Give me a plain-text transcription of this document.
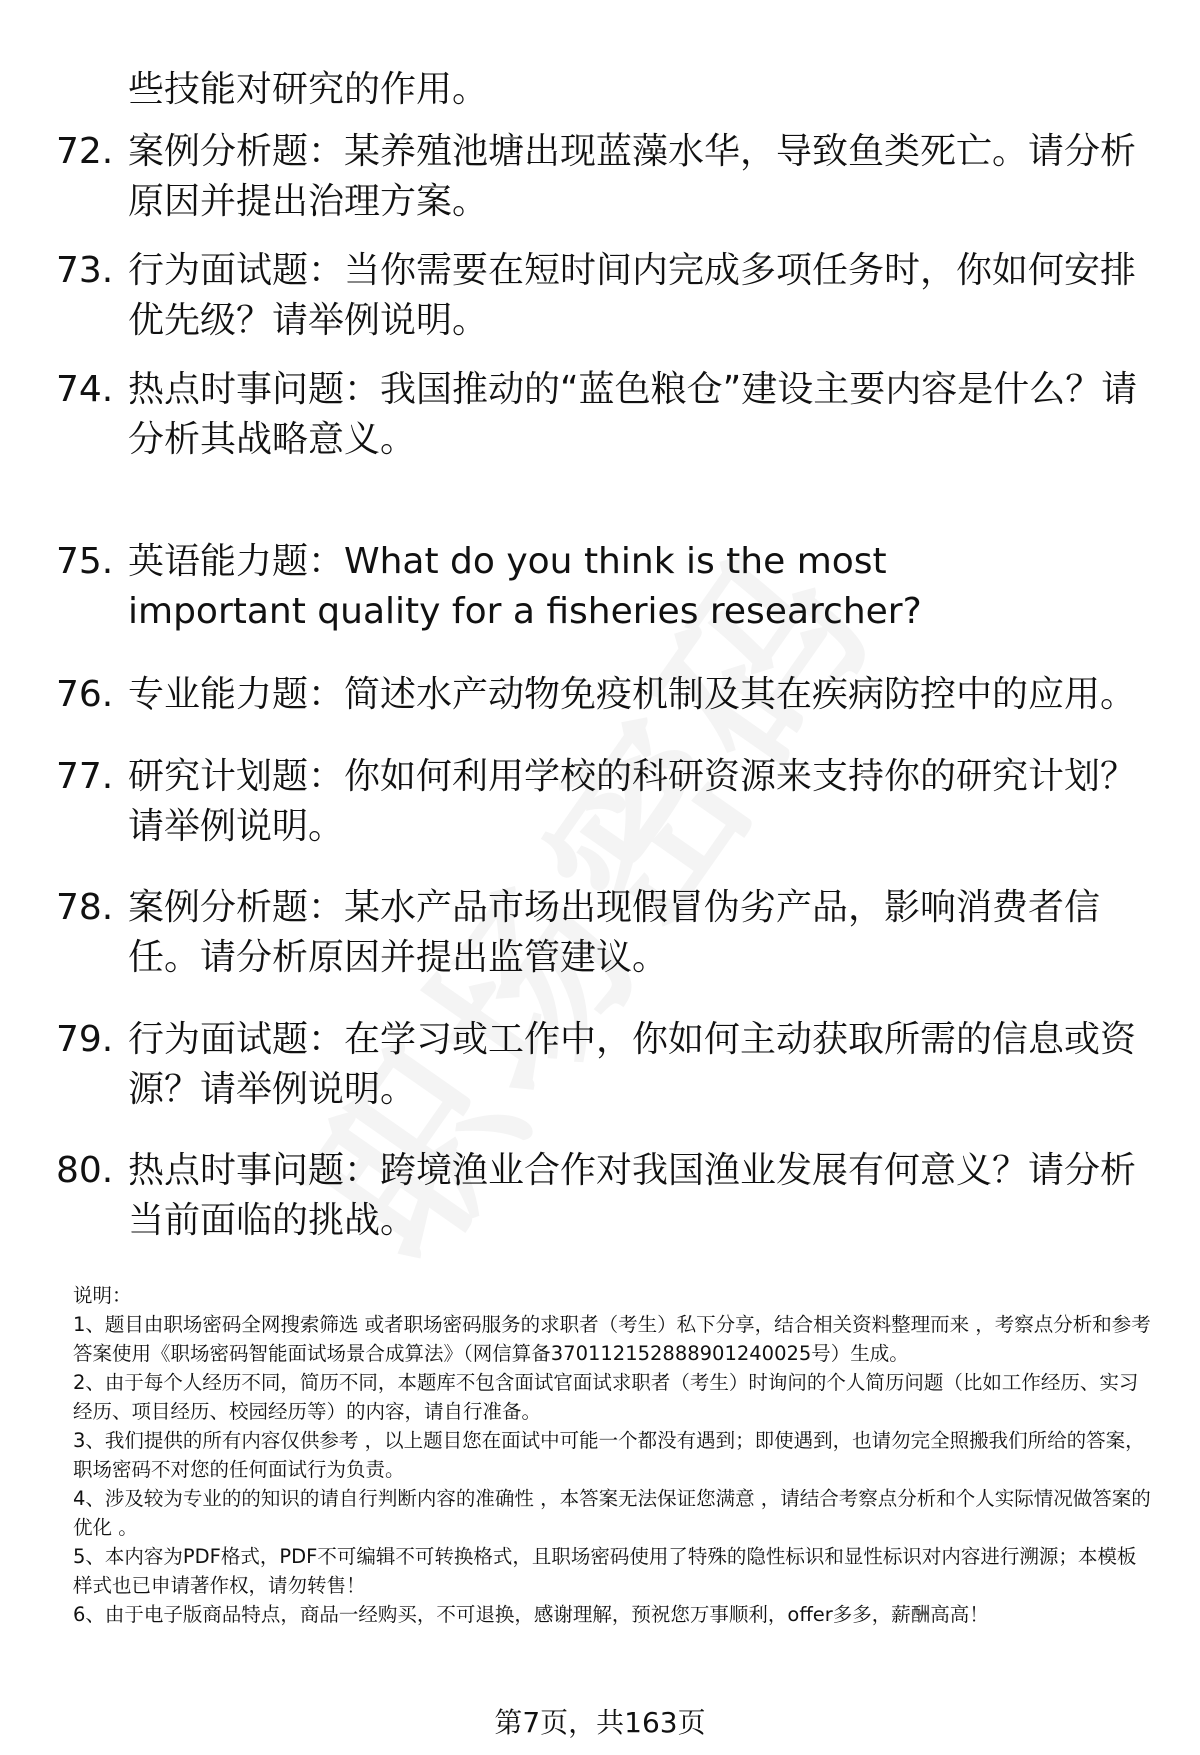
些技能对研究的作用。
72. 案例分析题：某养殖池塘出现蓝藻水华，导致鱼类死亡。请分析原因并提出治理方案。
73. 行为面试题：当你需要在短时间内完成多项任务时，你如何安排优先级？请举例说明。
74. 热点时事问题：我国推动的“蓝色粮仓”建设主要内容是什么？请分析其战略意义。
75. 英语能力题：What do you think is the most important quality for a fisheries researcher?
76. 专业能力题：简述水产动物免疫机制及其在疾病防控中的应用。
77. 研究计划题：你如何利用学校的科研资源来支持你的研究计划？请举例说明。
78. 案例分析题：某水产品市场出现假冒伪劣产品，影响消费者信任。请分析原因并提出监管建议。
79. 行为面试题：在学习或工作中，你如何主动获取所需的信息或资源？请举例说明。
80. 热点时事问题：跨境渔业合作对我国渔业发展有何意义？请分析当前面临的挑战。
说明：
1、题目由职场密码全网搜索筛选 或者职场密码服务的求职者（考生）私下分享，结合相关资料整理而来 ，考察点分析和参考答案使用《职场密码智能面试场景合成算法》（网信算备370112152888901240025号）生成。
2、由于每个人经历不同，简历不同，本题库不包含面试官面试求职者（考生）时询问的个人简历问题（比如工作经历、实习经历、项目经历、校园经历等）的内容，请自行准备。
3、我们提供的所有内容仅供参考 ，以上题目您在面试中可能一个都没有遇到；即使遇到，也请勿完全照搬我们所给的答案，职场密码不对您的任何面试行为负责。
4、涉及较为专业的的知识的请自行判断内容的准确性 ，本答案无法保证您满意 ，请结合考察点分析和个人实际情况做答案的优化 。
5、本内容为PDF格式，PDF不可编辑不可转换格式，且职场密码使用了特殊的隐性标识和显性标识对内容进行溯源；本模板样式也已申请著作权，请勿转售！
6、由于电子版商品特点，商品一经购买，不可退换，感谢理解，预祝您万事顺利，offer多多，薪酬高高！
第7页，共163页
